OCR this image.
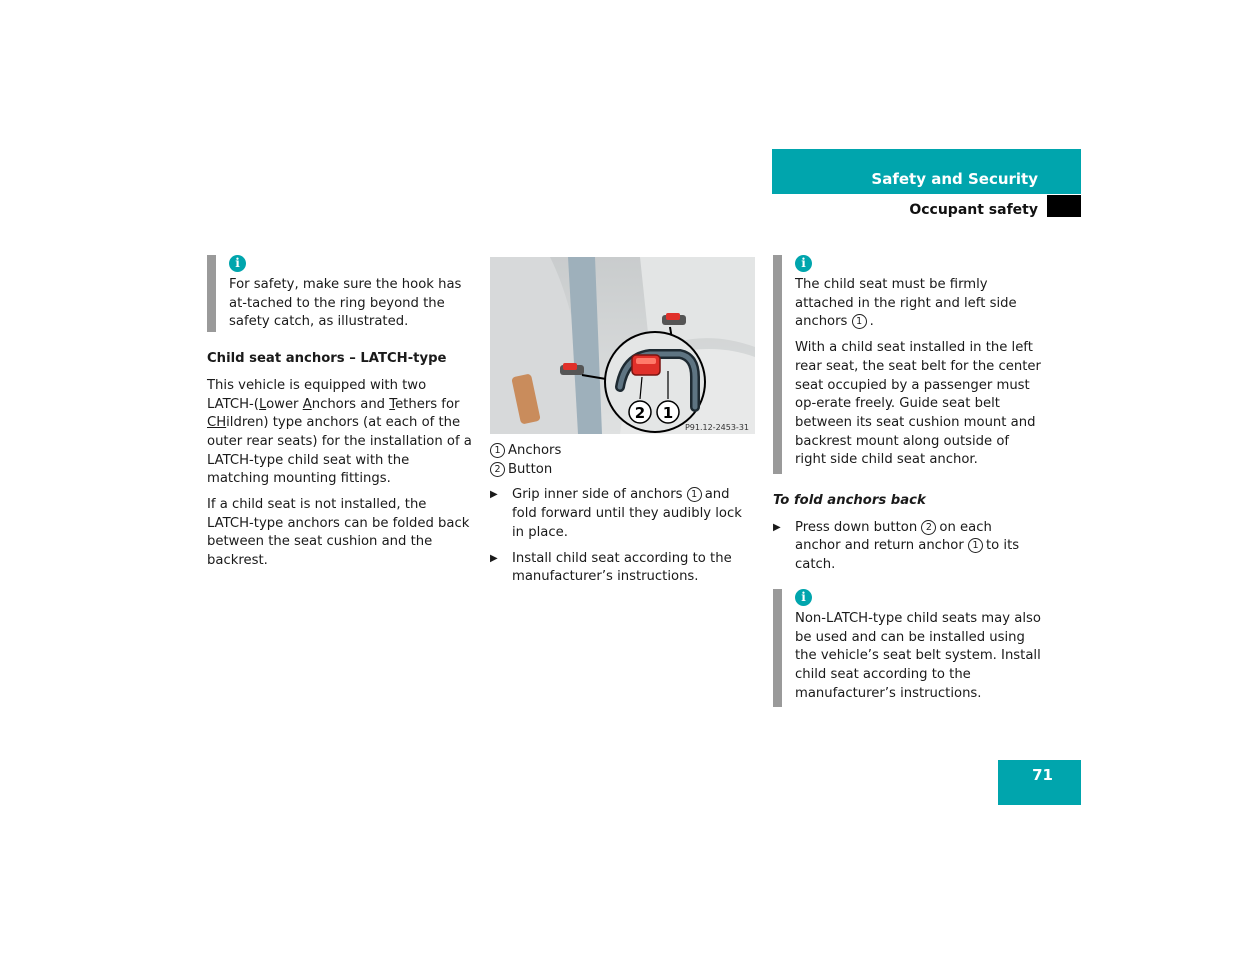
Safety and Security
Occupant safety
i

For safety, make sure the hook has at-tached to the ring beyond the safety catch, as illustrated.

Child seat anchors – LATCH-type

This vehicle is equipped with two LATCH-(Lower Anchors and Tethers for CHildren) type anchors (at each of the outer rear seats) for the installation of a LATCH-type child seat with the matching mounting fittings.

If a child seat is not installed, the LATCH-type anchors can be folded back between the seat cushion and the backrest.

2 1
P91.12-2453-31
1 Anchors
2 Button
▶ Grip inner side of anchors 1 and fold forward until they audibly lock in place.
▶ Install child seat according to the manufacturer’s instructions.
i

The child seat must be firmly attached in the right and left side anchors 1 .

With a child seat installed in the left rear seat, the seat belt for the center seat occupied by a passenger must op-erate freely. Guide seat belt between its seat cushion mount and backrest mount along outside of right side child seat anchor.

To fold anchors back
▶ Press down button 2 on each anchor and return anchor 1 to its catch.
i

Non-LATCH-type child seats may also be used and can be installed using the vehicle’s seat belt system. Install child seat according to the manufacturer’s instructions.

71
